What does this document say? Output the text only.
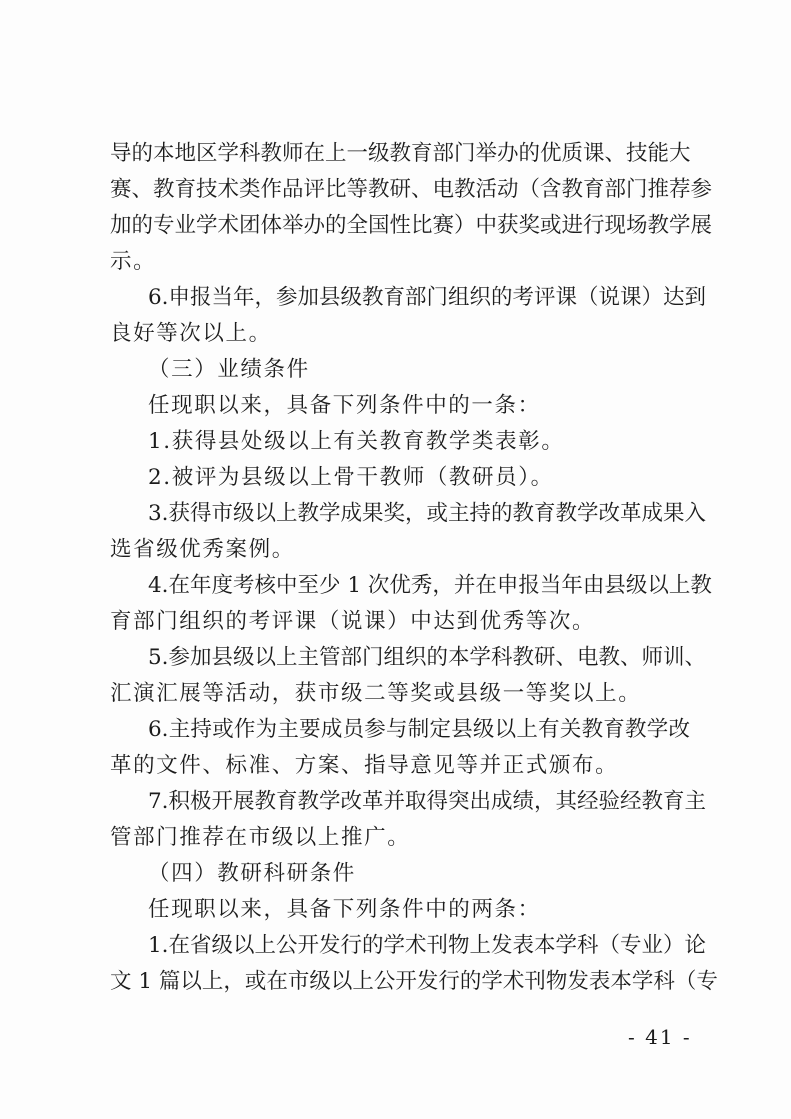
导的本地区学科教师在上一级教育部门举办的优质课、技能大
赛、教育技术类作品评比等教研、电教活动（含教育部门推荐参
加的专业学术团体举办的全国性比赛）中获奖或进行现场教学展
示。
6.申报当年，参加县级教育部门组织的考评课（说课）达到
良好等次以上。
（三）业绩条件
任现职以来，具备下列条件中的一条：
1.获得县处级以上有关教育教学类表彰。
2.被评为县级以上骨干教师（教研员）。
3.获得市级以上教学成果奖，或主持的教育教学改革成果入
选省级优秀案例。
4.在年度考核中至少 1 次优秀，并在申报当年由县级以上教
育部门组织的考评课（说课）中达到优秀等次。
5.参加县级以上主管部门组织的本学科教研、电教、师训、
汇演汇展等活动，获市级二等奖或县级一等奖以上。
6.主持或作为主要成员参与制定县级以上有关教育教学改
革的文件、标准、方案、指导意见等并正式颁布。
7.积极开展教育教学改革并取得突出成绩，其经验经教育主
管部门推荐在市级以上推广。
（四）教研科研条件
任现职以来，具备下列条件中的两条：
1.在省级以上公开发行的学术刊物上发表本学科（专业）论
文 1 篇以上，或在市级以上公开发行的学术刊物发表本学科（专
- 41 -
